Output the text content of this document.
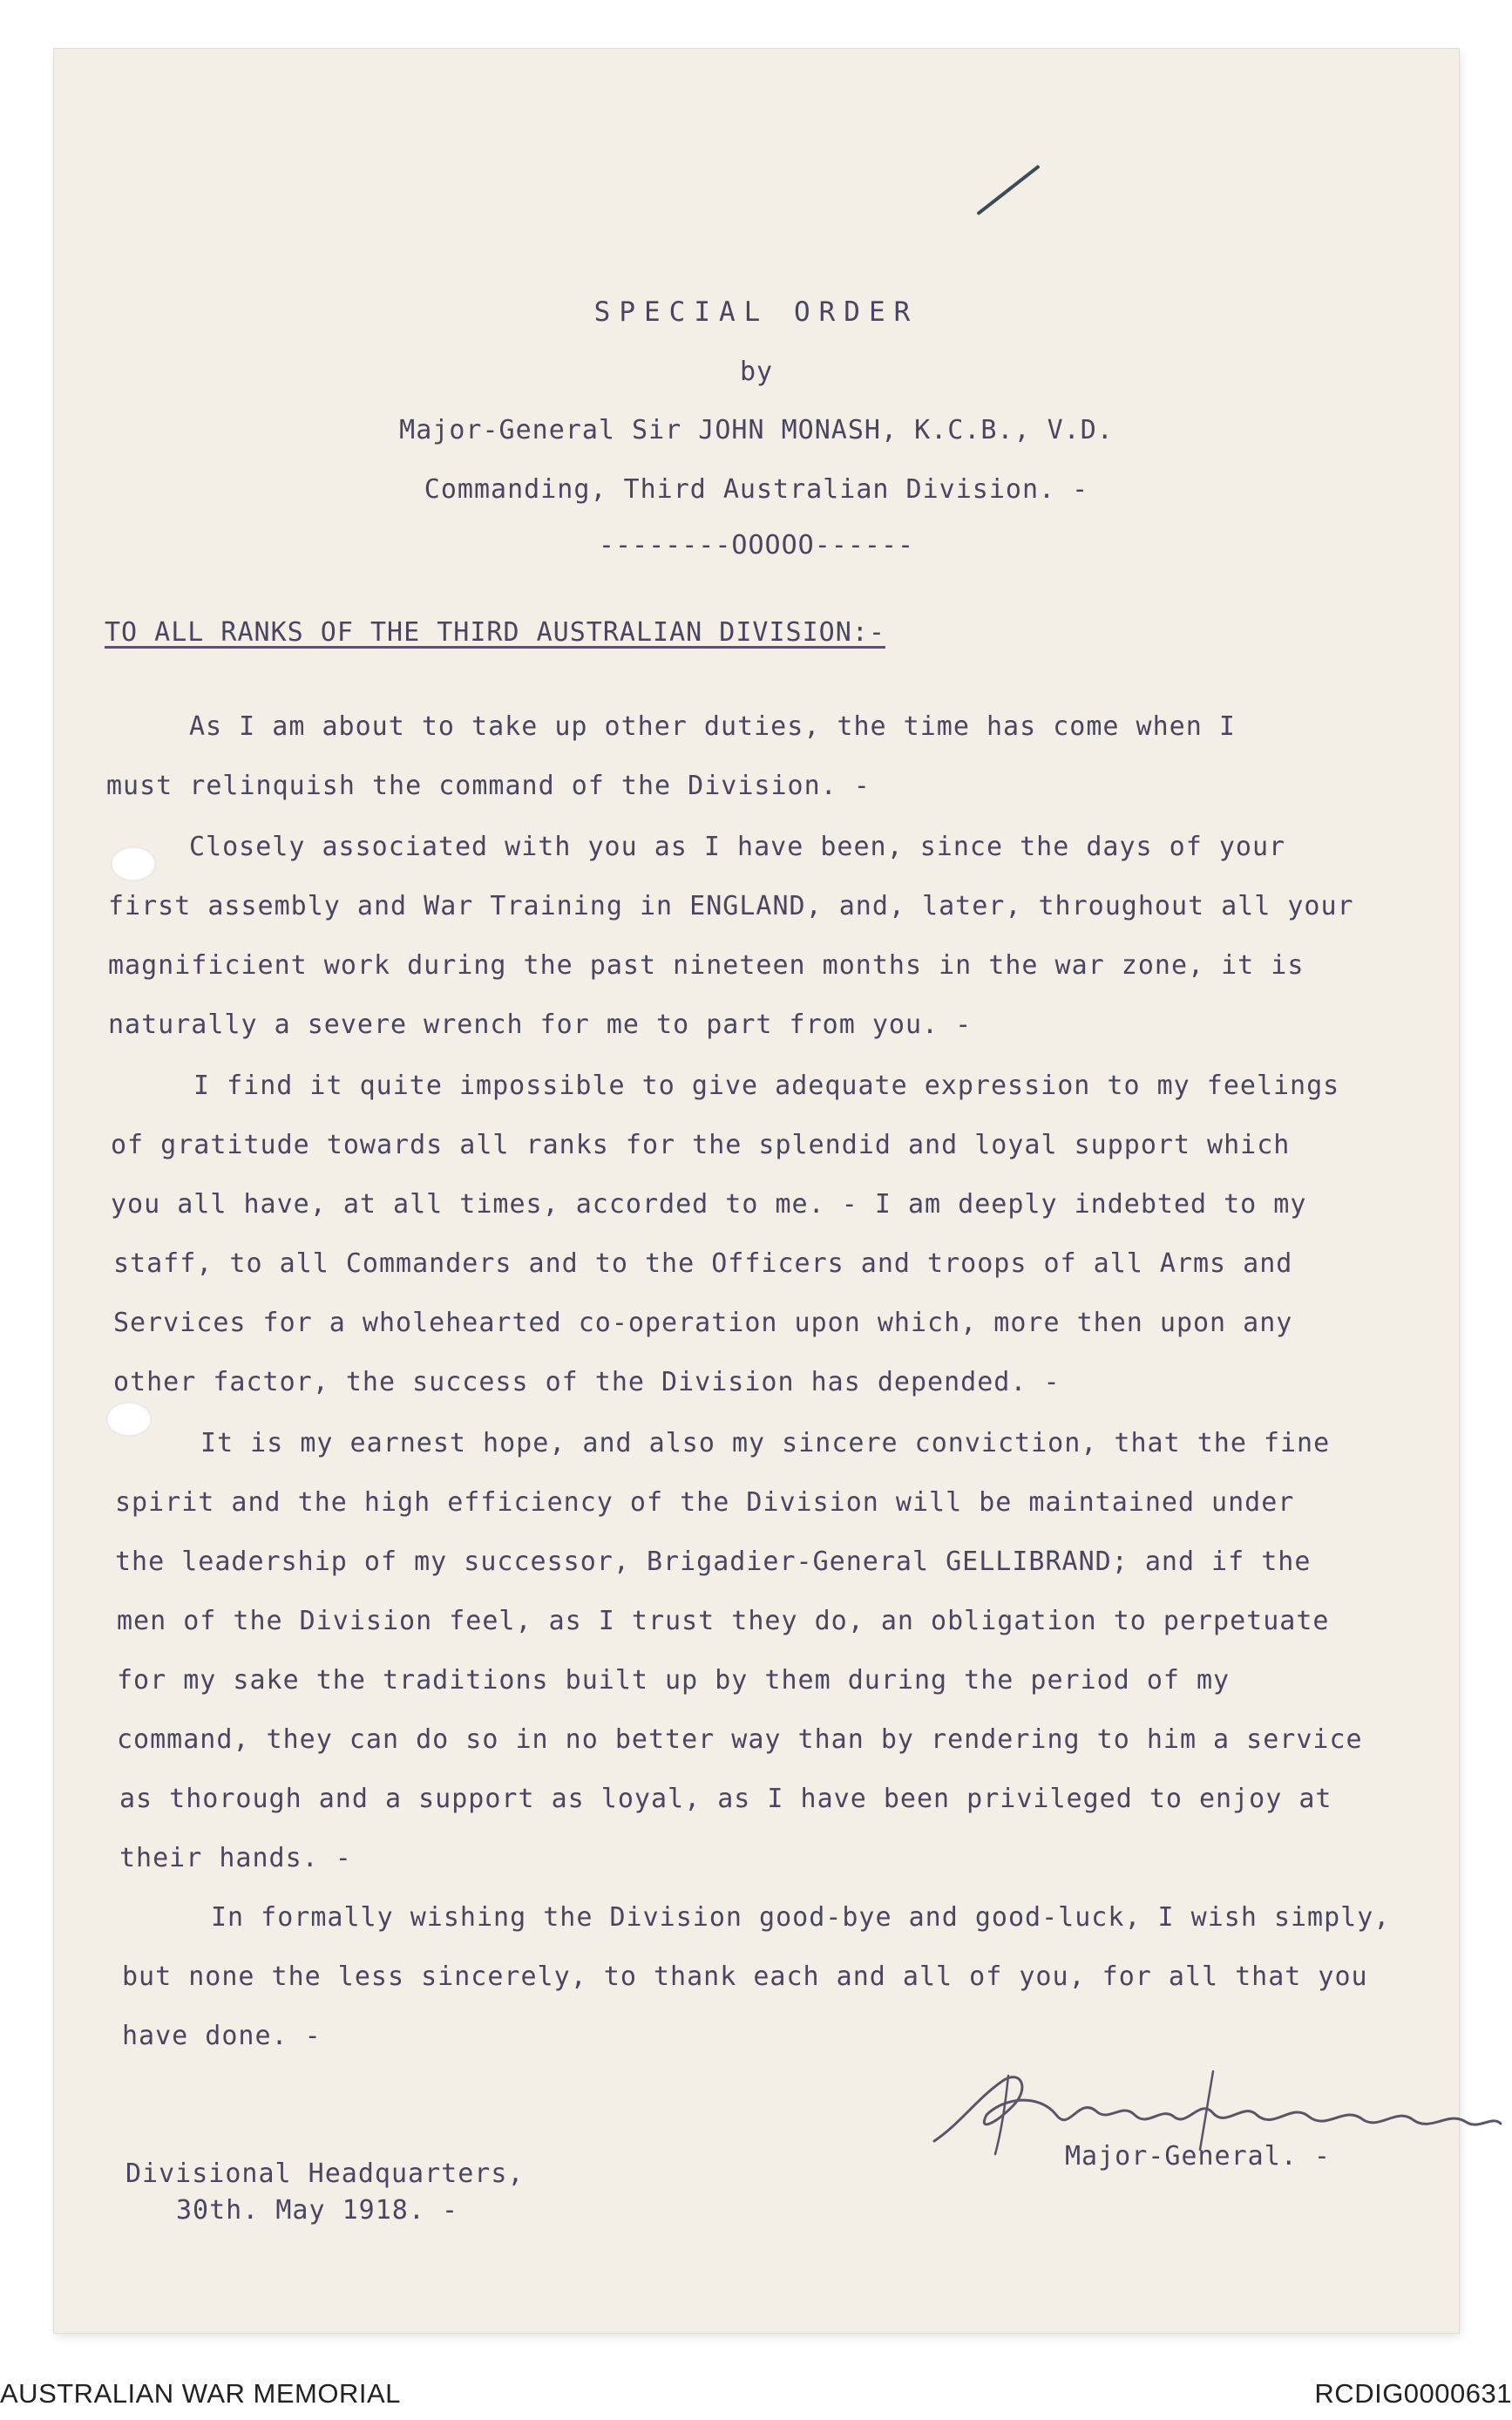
SPECIAL ORDER
by
Major-General Sir JOHN MONASH, K.C.B., V.D.
Commanding, Third Australian Division. -
--------OOOOO------
TO ALL RANKS OF THE THIRD AUSTRALIAN DIVISION:-
As I am about to take up other duties, the time has come when I
must relinquish the command of the Division. -
Closely associated with you as I have been, since the days of your
first assembly and War Training in ENGLAND, and, later, throughout all your
magnificient work during the past nineteen months in the war zone, it is
naturally a severe wrench for me to part from you. -
I find it quite impossible to give adequate expression to my feelings
of gratitude towards all ranks for the splendid and loyal support which
you all have, at all times, accorded to me. - I am deeply indebted to my
staff, to all Commanders and to the Officers and troops of all Arms and
Services for a wholehearted co-operation upon which, more then upon any
other factor, the success of the Division has depended. -
It is my earnest hope, and also my sincere conviction, that the fine
spirit and the high efficiency of the Division will be maintained under
the leadership of my successor, Brigadier-General GELLIBRAND; and if the
men of the Division feel, as I trust they do, an obligation to perpetuate
for my sake the traditions built up by them during the period of my
command, they can do so in no better way than by rendering to him a service
as thorough and a support as loyal, as I have been privileged to enjoy at
their hands. -
In formally wishing the Division good-bye and good-luck, I wish simply,
but none the less sincerely, to thank each and all of you, for all that you
have done. -
Major-General. -
Divisional Headquarters,
30th. May 1918. -
AUSTRALIAN WAR MEMORIAL	RCDIG0000631
